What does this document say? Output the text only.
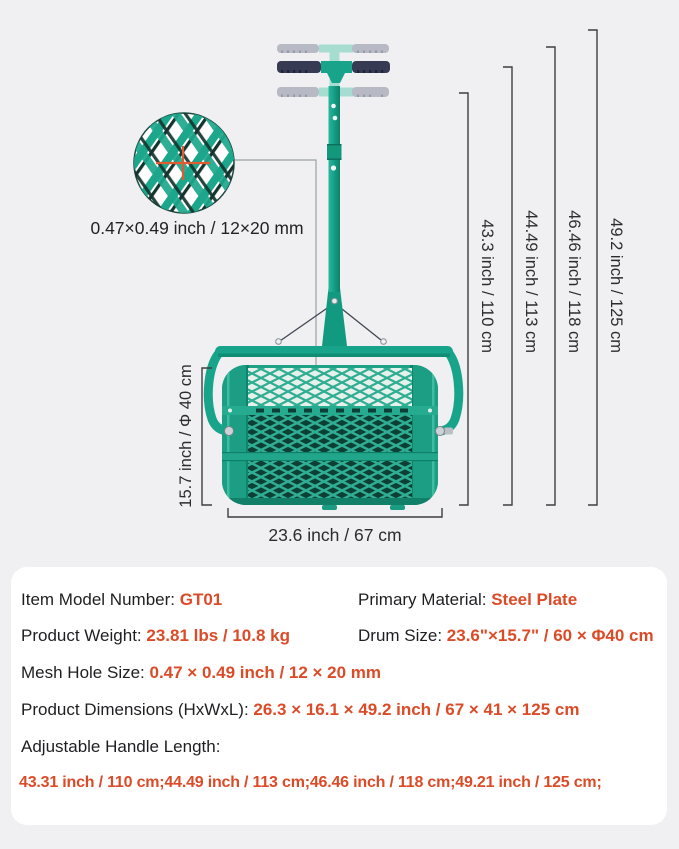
0.47×0.49 inch / 12×20 mm	43.3 inch / 110 cm 44.49 inch / 113 cm 46.46 inch / 118 cm 49.2 inch / 125 cm
15.7 inch / Φ 40 cm
23.6 inch / 67 cm
Item Model Number: GT01	Primary Material: Steel Plate
Product Weight: 23.81 lbs / 10.8 kg	Drum Size: 23.6"×15.7" / 60 × Φ40 cm
Mesh Hole Size: 0.47 × 0.49 inch / 12 × 20 mm
Product Dimensions (HxWxL): 26.3 × 16.1 × 49.2 inch / 67 × 41 × 125 cm
Adjustable Handle Length:
43.31 inch / 110 cm;44.49 inch / 113 cm;46.46 inch / 118 cm;49.21 inch / 125 cm;
